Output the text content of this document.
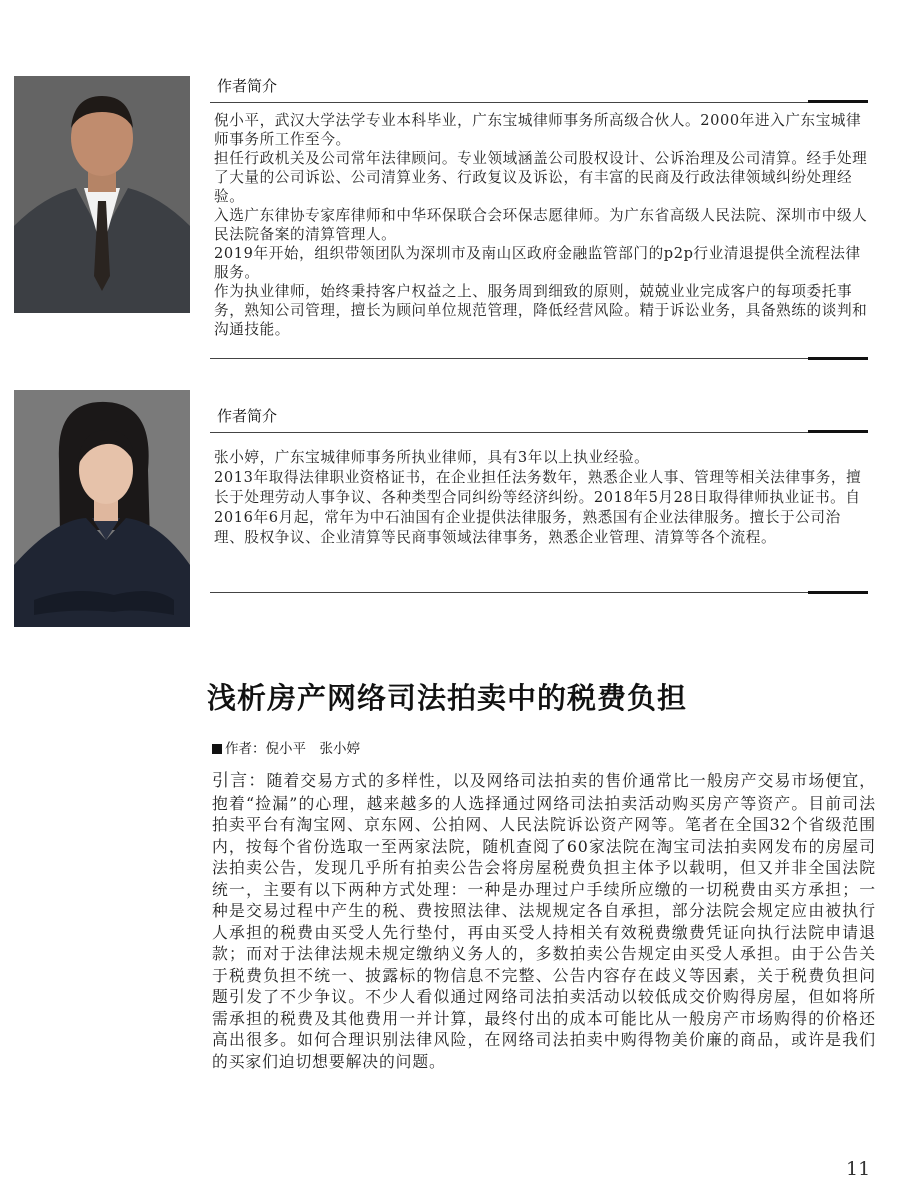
作者简介

倪小平，武汉大学法学专业本科毕业，广东宝城律师事务所高级合伙人。2000年进入广东宝城律师事务所工作至今。

担任行政机关及公司常年法律顾问。专业领域涵盖公司股权设计、公诉治理及公司清算。经手处理了大量的公司诉讼、公司清算业务、行政复议及诉讼，有丰富的民商及行政法律领域纠纷处理经验。

入选广东律协专家库律师和中华环保联合会环保志愿律师。为广东省高级人民法院、深圳市中级人民法院备案的清算管理人。

2019年开始，组织带领团队为深圳市及南山区政府金融监管部门的p2p行业清退提供全流程法律服务。

作为执业律师，始终秉持客户权益之上、服务周到细致的原则，兢兢业业完成客户的每项委托事务，熟知公司管理，擅长为顾问单位规范管理，降低经营风险。精于诉讼业务，具备熟练的谈判和沟通技能。

作者简介

张小婷，广东宝城律师事务所执业律师，具有3年以上执业经验。

2013年取得法律职业资格证书，在企业担任法务数年，熟悉企业人事、管理等相关法律事务，擅长于处理劳动人事争议、各种类型合同纠纷等经济纠纷。2018年5月28日取得律师执业证书。自2016年6月起，常年为中石油国有企业提供法律服务，熟悉国有企业法律服务。擅长于公司治理、股权争议、企业清算等民商事领域法律事务，熟悉企业管理、清算等各个流程。

浅析房产网络司法拍卖中的税费负担
作者：倪小平　张小婷
引言：随着交易方式的多样性，以及网络司法拍卖的售价通常比一般房产交易市场便宜，抱着“捡漏”的心理，越来越多的人选择通过网络司法拍卖活动购买房产等资产。目前司法拍卖平台有淘宝网、京东网、公拍网、人民法院诉讼资产网等。笔者在全国32个省级范围内，按每个省份选取一至两家法院，随机查阅了60家法院在淘宝司法拍卖网发布的房屋司法拍卖公告，发现几乎所有拍卖公告会将房屋税费负担主体予以载明，但又并非全国法院统一，主要有以下两种方式处理：一种是办理过户手续所应缴的一切税费由买方承担；一种是交易过程中产生的税、费按照法律、法规规定各自承担，部分法院会规定应由被执行人承担的税费由买受人先行垫付，再由买受人持相关有效税费缴费凭证向执行法院申请退款；而对于法律法规未规定缴纳义务人的，多数拍卖公告规定由买受人承担。由于公告关于税费负担不统一、披露标的物信息不完整、公告内容存在歧义等因素，关于税费负担问题引发了不少争议。不少人看似通过网络司法拍卖活动以较低成交价购得房屋，但如将所需承担的税费及其他费用一并计算，最终付出的成本可能比从一般房产市场购得的价格还高出很多。如何合理识别法律风险，在网络司法拍卖中购得物美价廉的商品，或许是我们的买家们迫切想要解决的问题。
11
